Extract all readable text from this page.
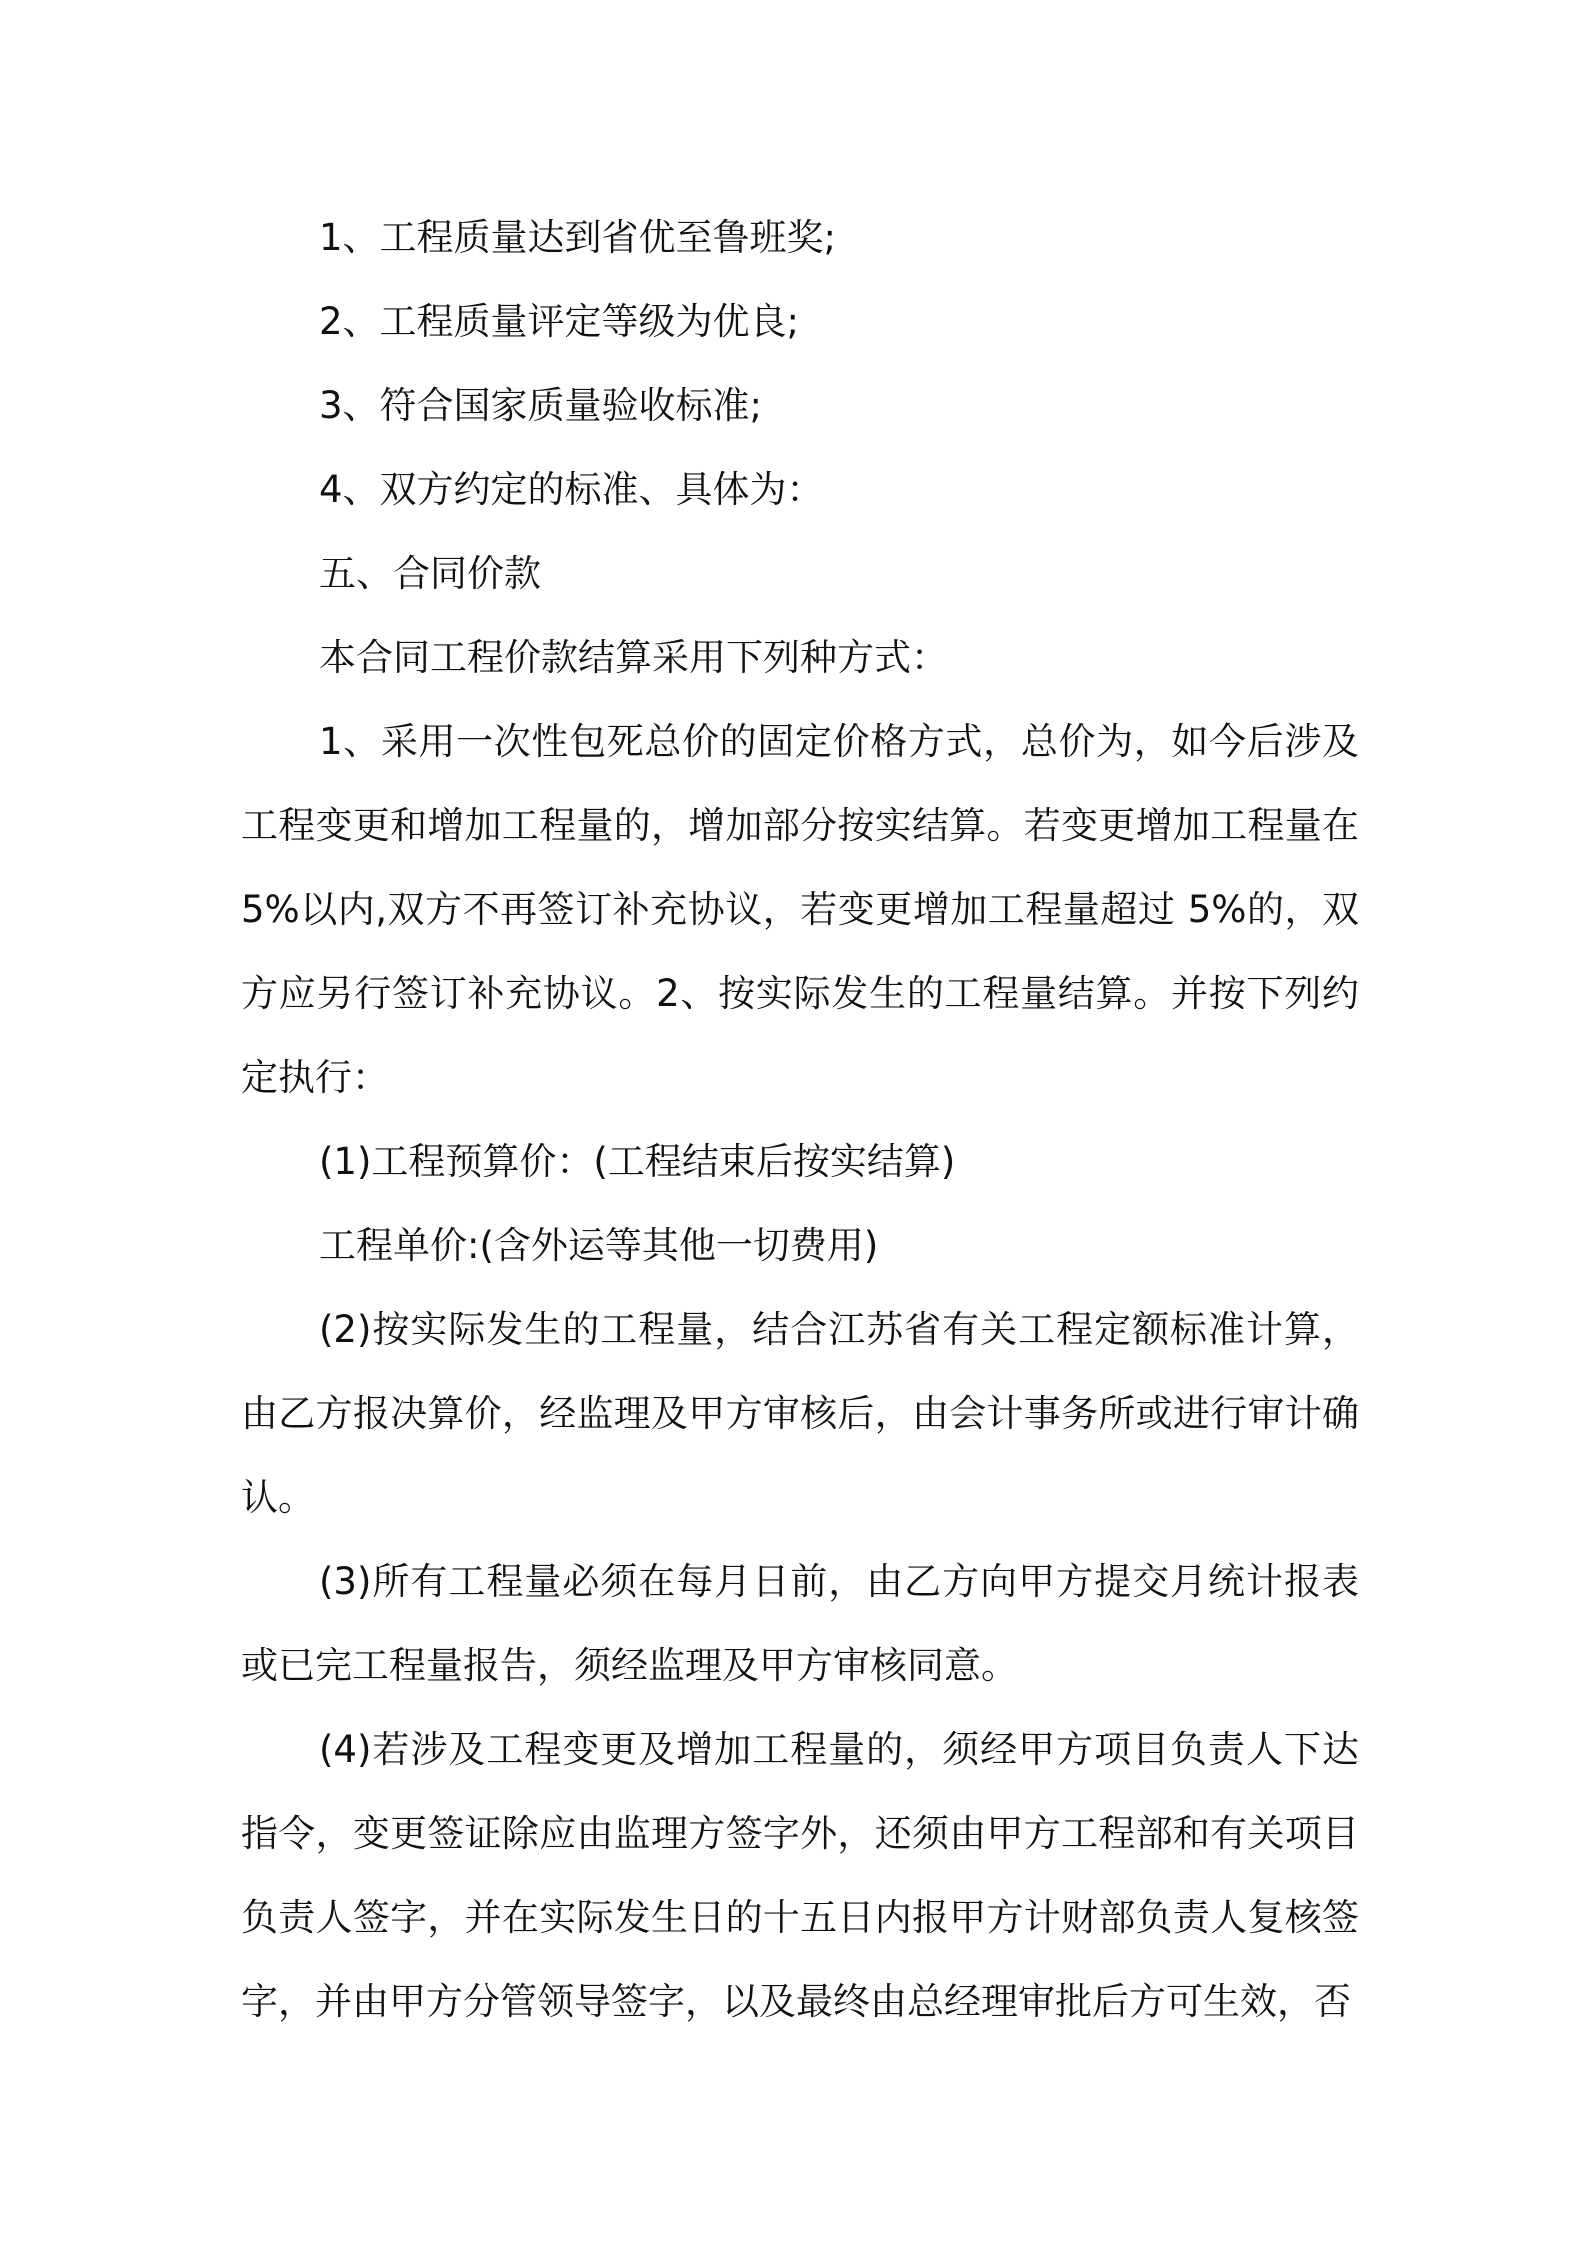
1、工程质量达到省优至鲁班奖;

2、工程质量评定等级为优良;

3、符合国家质量验收标准;

4、双方约定的标准、具体为：

五、合同价款

本合同工程价款结算采用下列种方式：

1、采用一次性包死总价的固定价格方式，总价为，如今后涉及工程变更和增加工程量的，增加部分按实结算。若变更增加工程量在 5%以内,双方不再签订补充协议，若变更增加工程量超过 5%的，双方应另行签订补充协议。2、按实际发生的工程量结算。并按下列约定执行：

(1)工程预算价：(工程结束后按实结算)

工程单价:(含外运等其他一切费用)

(2)按实际发生的工程量，结合江苏省有关工程定额标准计算，由乙方报决算价，经监理及甲方审核后，由会计事务所或进行审计确认。

(3)所有工程量必须在每月日前，由乙方向甲方提交月统计报表或已完工程量报告，须经监理及甲方审核同意。

(4)若涉及工程变更及增加工程量的，须经甲方项目负责人下达指令，变更签证除应由监理方签字外，还须由甲方工程部和有关项目负责人签字，并在实际发生日的十五日内报甲方计财部负责人复核签字，并由甲方分管领导签字，以及最终由总经理审批后方可生效，否
